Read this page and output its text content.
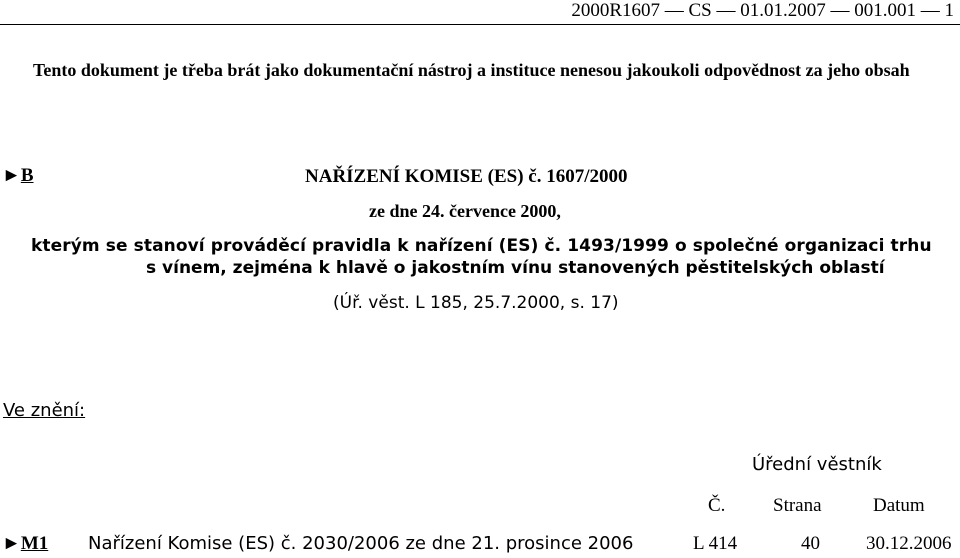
2000R1607 — CS — 01.01.2007 — 001.001 — 1
Tento dokument je třeba brát jako dokumentační nástroj a instituce nenesou jakoukoli odpovědnost za jeho obsah
►B	NAŘÍZENÍ KOMISE (ES) č. 1607/2000
ze dne 24. července 2000,
kterým se stanoví prováděcí pravidla k nařízení (ES) č. 1493/1999 o společné organizaci trhu
s vínem, zejména k hlavě o jakostním vínu stanovených pěstitelských oblastí
(Úř. věst. L 185, 25.7.2000, s. 17)
Ve znění:
Úřední věstník
Č.	Strana	Datum
►M1 Nařízení Komise (ES) č. 2030/2006 ze dne 21. prosince 2006	L 414	40 30.12.2006
